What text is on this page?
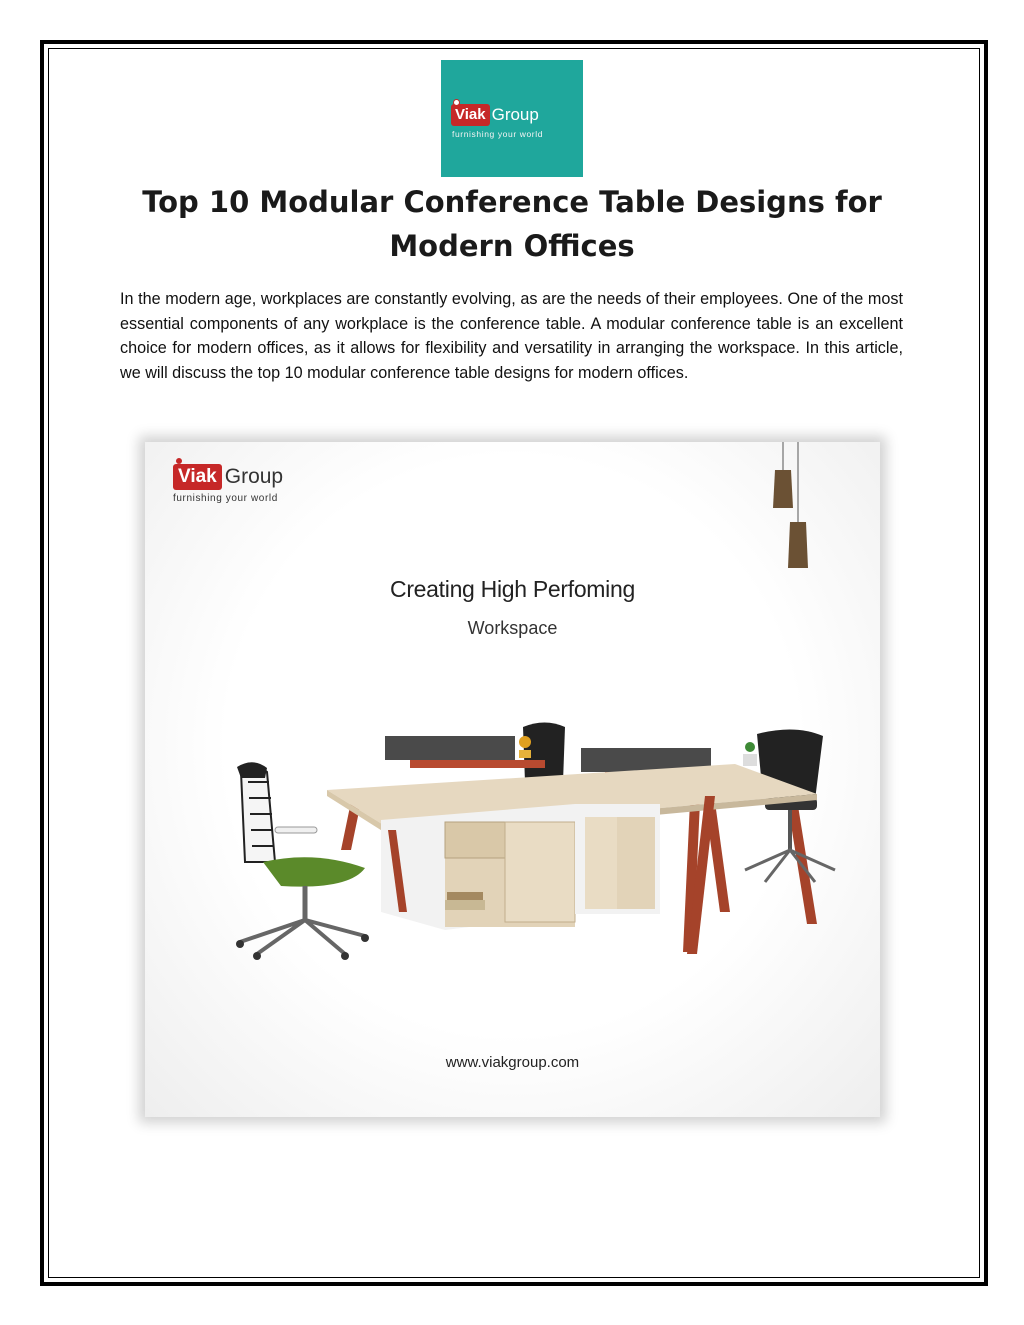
Viak Group
furnishing your world
Top 10 Modular Conference Table Designs for Modern Offices

In the modern age, workplaces are constantly evolving, as are the needs of their employees. One of the most essential components of any workplace is the conference table. A modular conference table is an excellent choice for modern offices, as it allows for flexibility and versatility in arranging the workspace. In this article, we will discuss the top 10 modular conference table designs for modern offices.

Viak Group
furnishing your world
Creating High Perfoming
Workspace
www.viakgroup.com
